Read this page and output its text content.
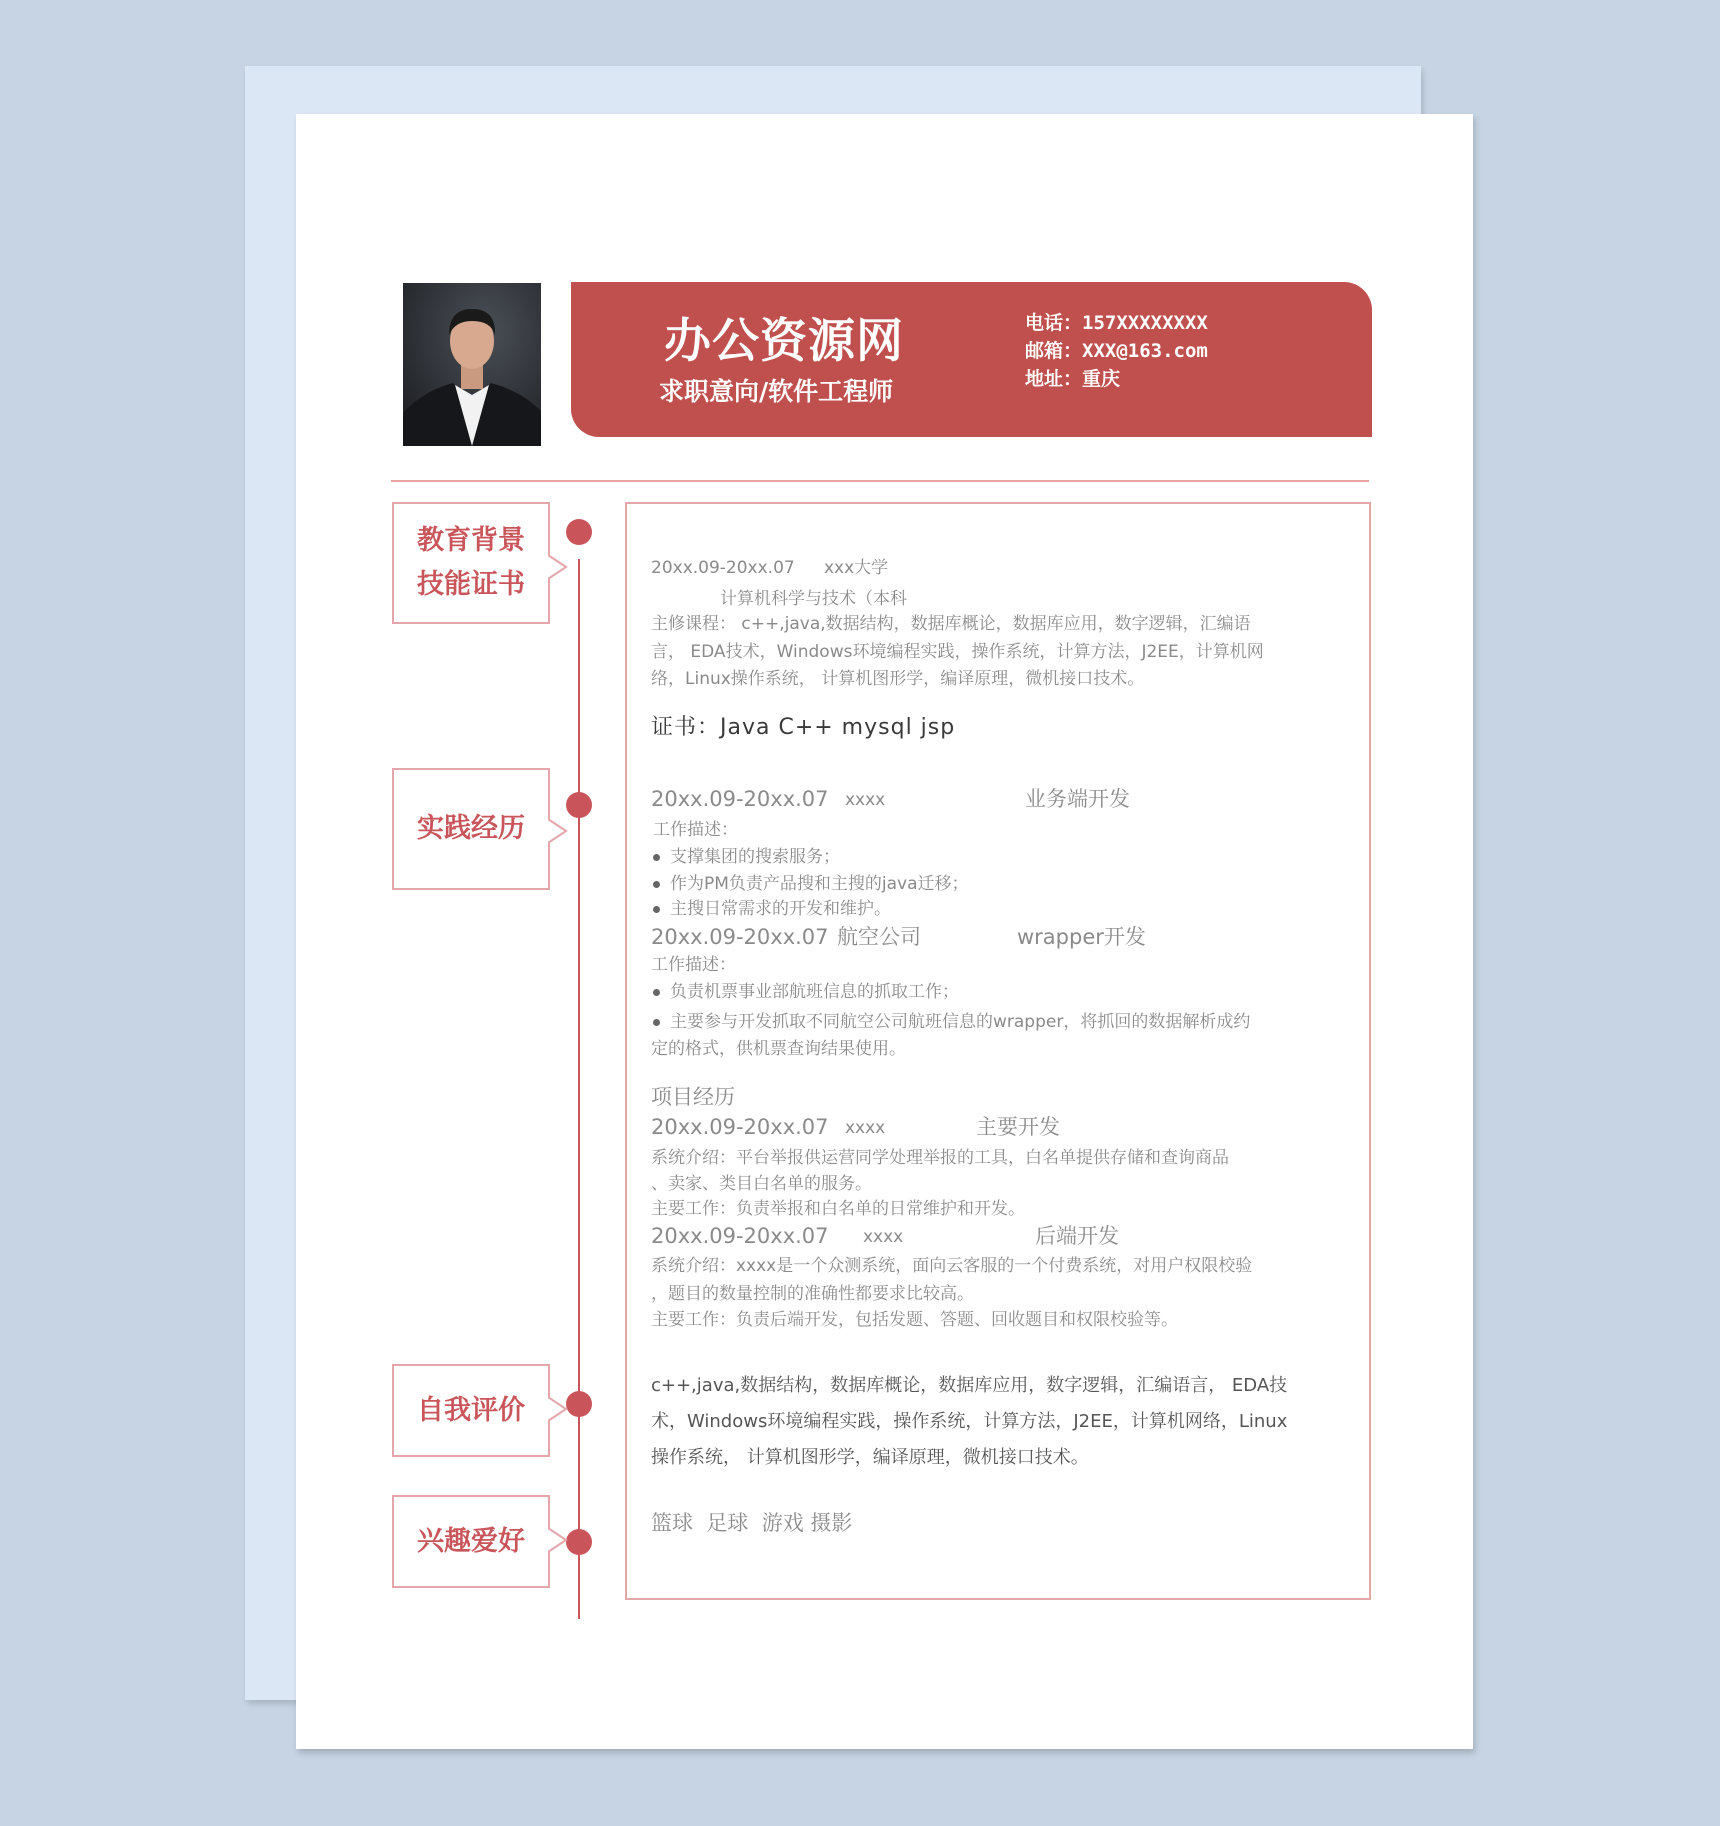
办公资源网
求职意向/软件工程师
电话：157XXXXXXXX
邮箱：XXX@163.com
地址：重庆
教育背景
技能证书
实践经历
自我评价
兴趣爱好
20xx.09-20xx.07 xxx大学
计算机科学与技术（本科
主修课程： c++,java,数据结构，数据库概论，数据库应用，数字逻辑，汇编语
言， EDA技术，Windows环境编程实践，操作系统，计算方法，J2EE，计算机网
络，Linux操作系统， 计算机图形学，编译原理，微机接口技术。
证书：Java C++ mysql jsp
20xx.09-20xx.07 xxxx	业务端开发
工作描述：
支撑集团的搜索服务；
作为PM负责产品搜和主搜的java迁移；
主搜日常需求的开发和维护。
20xx.09-20xx.07 航空公司	wrapper开发
工作描述：
负责机票事业部航班信息的抓取工作；
主要参与开发抓取不同航空公司航班信息的wrapper，将抓回的数据解析成约
定的格式，供机票查询结果使用。
项目经历
20xx.09-20xx.07 xxxx	主要开发
系统介绍：平台举报供运营同学处理举报的工具，白名单提供存储和查询商品
、卖家、类目白名单的服务。
主要工作：负责举报和白名单的日常维护和开发。
20xx.09-20xx.07 xxxx	后端开发
系统介绍：xxxx是一个众测系统，面向云客服的一个付费系统，对用户权限校验
，题目的数量控制的准确性都要求比较高。
主要工作：负责后端开发，包括发题、答题、回收题目和权限校验等。
c++,java,数据结构，数据库概论，数据库应用，数字逻辑，汇编语言， EDA技
术，Windows环境编程实践，操作系统，计算方法，J2EE，计算机网络，Linux
操作系统， 计算机图形学，编译原理，微机接口技术。
篮球  足球  游戏 摄影
